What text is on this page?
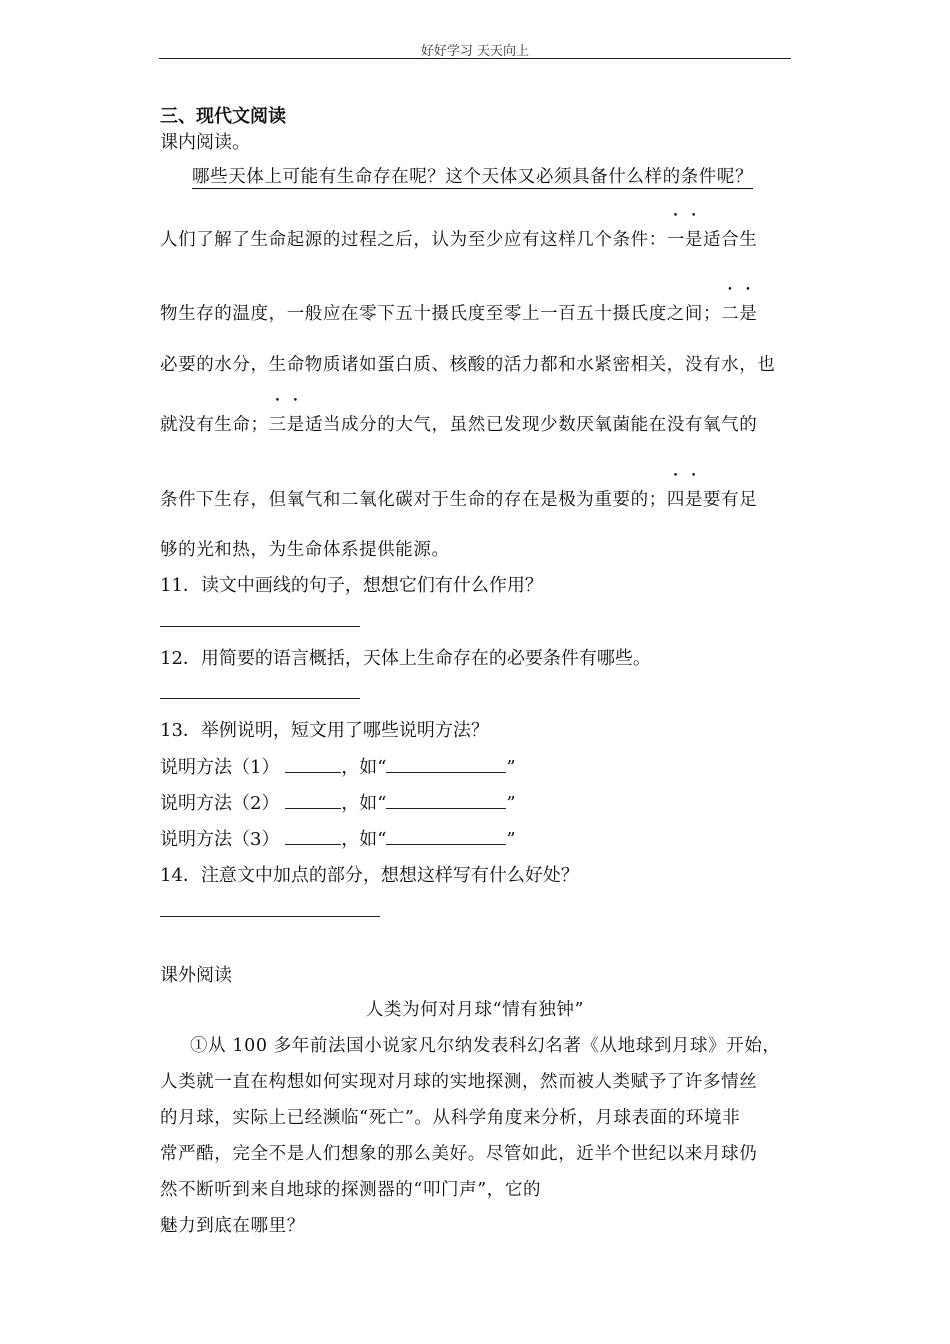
好好学习 天天向上
三、现代文阅读
课内阅读。
哪些天体上可能有生命存在呢？这个天体又必须具备什么样的条件呢？
人们了解了生命起源的过程之后，认为至少应有这样几个条件：一是适合生
物生存的温度，一般应在零下五十摄氏度至零上一百五十摄氏度之间；二是
必要的水分，生命物质诸如蛋白质、核酸的活力都和水紧密相关，没有水，也
就没有生命；三是适当成分的大气，虽然已发现少数厌氧菌能在没有氧气的
条件下生存，但氧气和二氧化碳对于生命的存在是极为重要的；四是要有足
够的光和热，为生命体系提供能源。
11．读文中画线的句子，想想它们有什么作用？
12．用简要的语言概括，天体上生命存在的必要条件有哪些。
13．举例说明，短文用了哪些说明方法？
说明方法（1）	，如“	”
说明方法（2）	，如“	”
说明方法（3）	，如“	”
14．注意文中加点的部分，想想这样写有什么好处？
课外阅读
人类为何对月球“情有独钟”
①从 100 多年前法国小说家凡尔纳发表科幻名著《从地球到月球》开始，
人类就一直在构想如何实现对月球的实地探测，然而被人类赋予了许多情丝
的月球，实际上已经濒临“死亡”。从科学角度来分析，月球表面的环境非
常严酷，完全不是人们想象的那么美好。尽管如此，近半个世纪以来月球仍
然不断听到来自地球的探测器的“叩门声”，它的
魅力到底在哪里？
